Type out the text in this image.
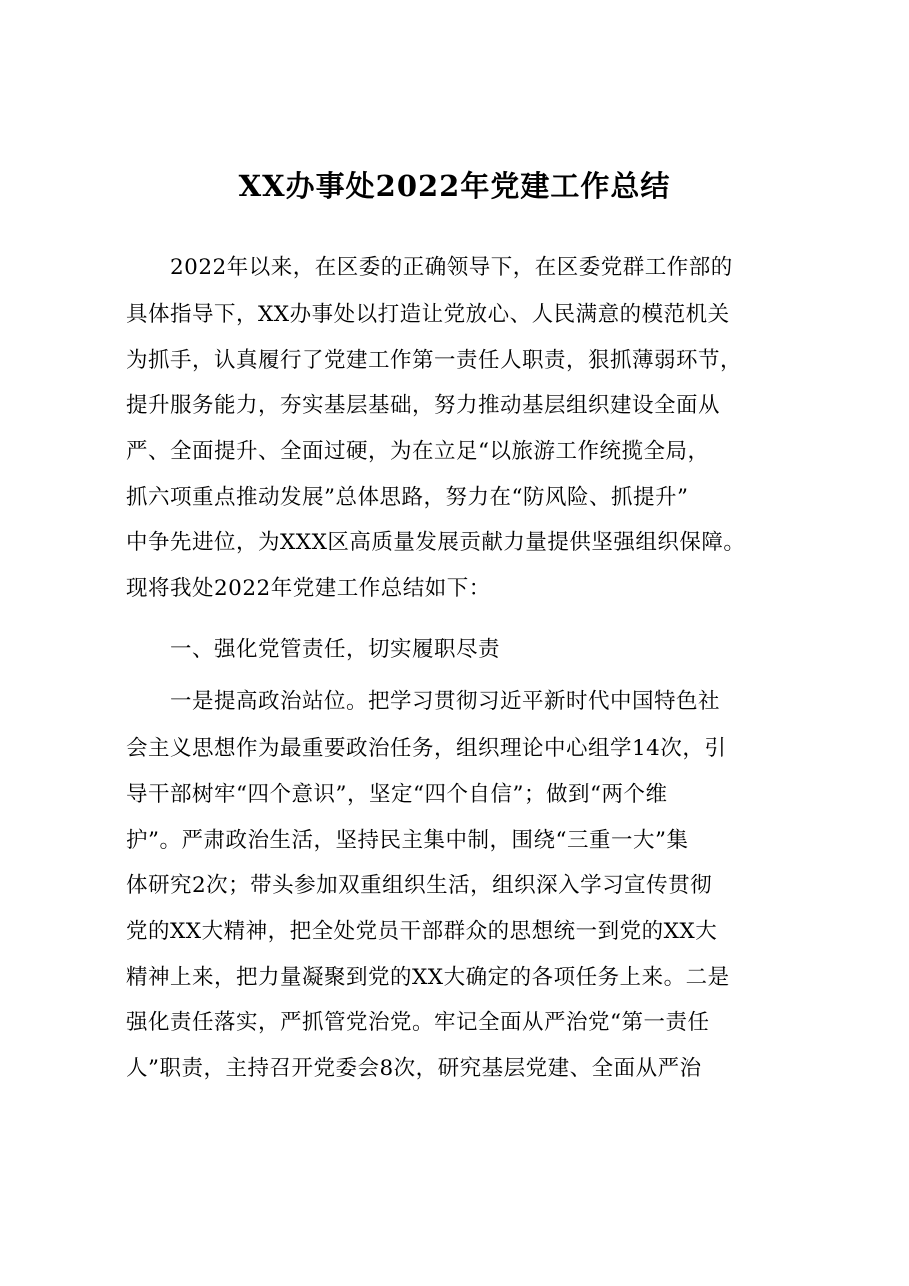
XX办事处2022年党建工作总结
2022年以来，在区委的正确领导下，在区委党群工作部的
具体指导下，XX办事处以打造让党放心、人民满意的模范机关
为抓手，认真履行了党建工作第一责任人职责，狠抓薄弱环节，
提升服务能力，夯实基层基础，努力推动基层组织建设全面从
严、全面提升、全面过硬，为在立足“以旅游工作统揽全局，
抓六项重点推动发展”总体思路，努力在“防风险、抓提升”
中争先进位，为XXX区高质量发展贡献力量提供坚强组织保障。
现将我处2022年党建工作总结如下：
一、强化党管责任，切实履职尽责
一是提高政治站位。把学习贯彻习近平新时代中国特色社
会主义思想作为最重要政治任务，组织理论中心组学14次，引
导干部树牢“四个意识”，坚定“四个自信”；做到“两个维
护”。严肃政治生活，坚持民主集中制，围绕“三重一大”集
体研究2次；带头参加双重组织生活，组织深入学习宣传贯彻
党的XX大精神，把全处党员干部群众的思想统一到党的XX大
精神上来，把力量凝聚到党的XX大确定的各项任务上来。二是
强化责任落实，严抓管党治党。牢记全面从严治党“第一责任
人”职责，主持召开党委会8次，研究基层党建、全面从严治
